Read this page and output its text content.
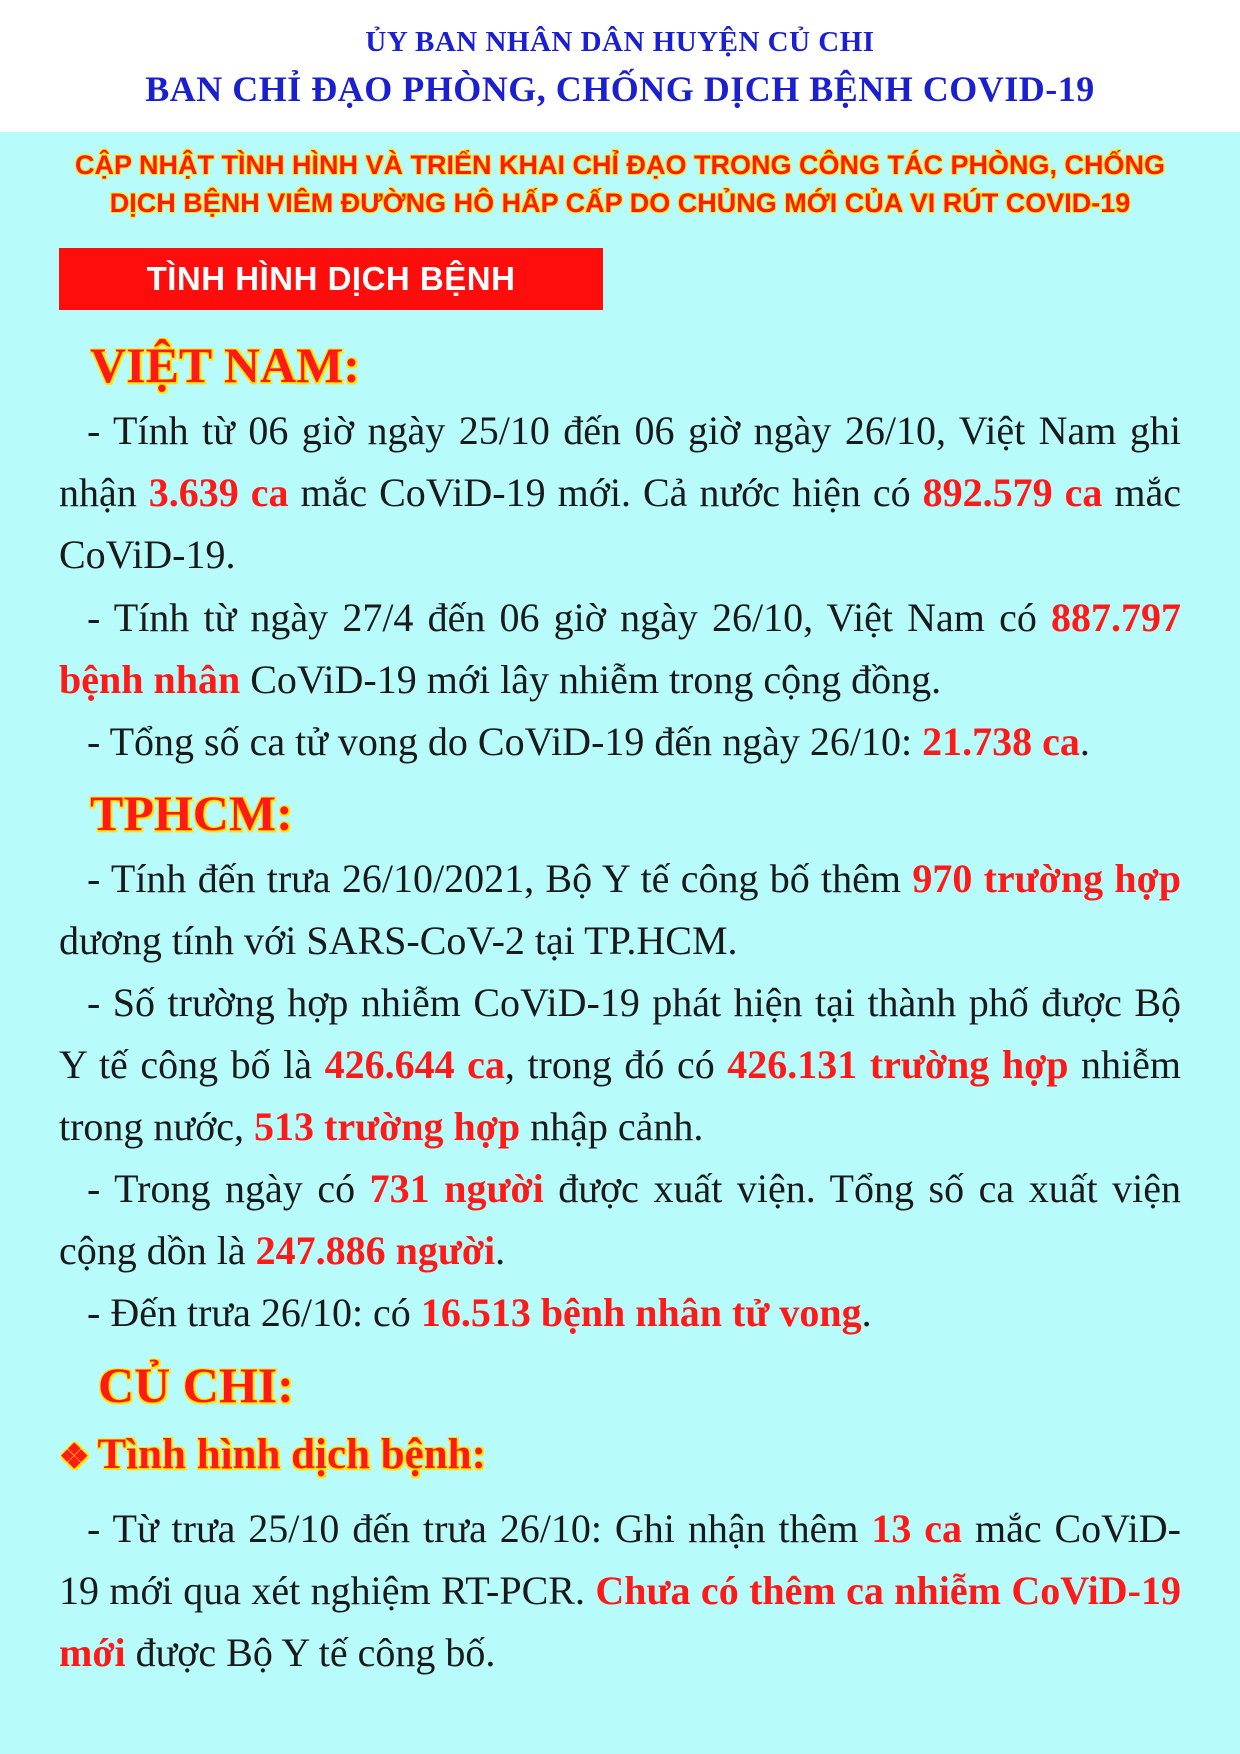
ỦY BAN NHÂN DÂN HUYỆN CỦ CHI
BAN CHỈ ĐẠO PHÒNG, CHỐNG DỊCH BỆNH COVID-19
CẬP NHẬT TÌNH HÌNH VÀ TRIỂN KHAI CHỈ ĐẠO TRONG CÔNG TÁC PHÒNG, CHỐNG
DỊCH BỆNH VIÊM ĐƯỜNG HÔ HẤP CẤP DO CHỦNG MỚI CỦA VI RÚT COVID-19
TÌNH HÌNH DỊCH BỆNH
VIỆT NAM:
- Tính từ 06 giờ ngày 25/10 đến 06 giờ ngày 26/10, Việt Nam ghi nhận 3.639 ca mắc CoViD-19 mới. Cả nước hiện có 892.579 ca mắc CoViD-19.
- Tính từ ngày 27/4 đến 06 giờ ngày 26/10, Việt Nam có 887.797 bệnh nhân CoViD-19 mới lây nhiễm trong cộng đồng.
- Tổng số ca tử vong do CoViD-19 đến ngày 26/10: 21.738 ca.
TPHCM:
- Tính đến trưa 26/10/2021, Bộ Y tế công bố thêm 970 trường hợp dương tính với SARS-CoV-2 tại TP.HCM.
- Số trường hợp nhiễm CoViD-19 phát hiện tại thành phố được Bộ Y tế công bố là 426.644 ca, trong đó có 426.131 trường hợp nhiễm trong nước, 513 trường hợp nhập cảnh.
- Trong ngày có 731 người được xuất viện. Tổng số ca xuất viện cộng dồn là 247.886 người.
- Đến trưa 26/10: có 16.513 bệnh nhân tử vong.
CỦ CHI:
❖ Tình hình dịch bệnh:
- Từ trưa 25/10 đến trưa 26/10: Ghi nhận thêm 13 ca mắc CoViD-19 mới qua xét nghiệm RT-PCR. Chưa có thêm ca nhiễm CoViD-19 mới được Bộ Y tế công bố.
